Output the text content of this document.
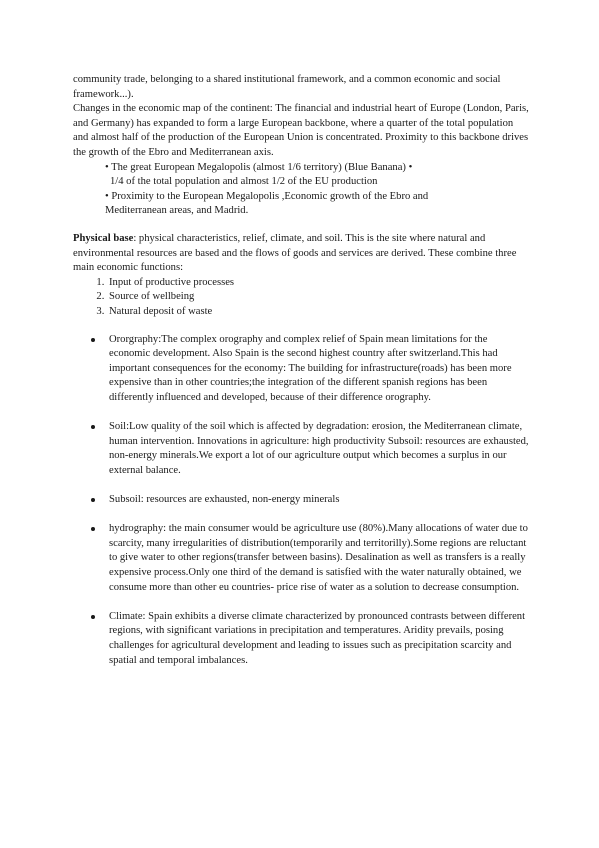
community trade, belonging to a shared institutional framework, and a common economic and social framework...).

Changes in the economic map of the continent: The financial and industrial heart of Europe (London, Paris, and Germany) has expanded to form a large European backbone, where a quarter of the total population and almost half of the production of the European Union is concentrated. Proximity to this backbone drives the growth of the Ebro and Mediterranean axis.

• The great European Megalopolis (almost 1/6 territory) (Blue Banana) •
1/4 of the total population and almost 1/2 of the EU production
• Proximity to the European Megalopolis ,Economic growth of the Ebro and
Mediterranean areas, and Madrid.

Physical base: physical characteristics, relief, climate, and soil. This is the site where natural and environmental resources are based and the flows of goods and services are derived. These combine three main economic functions:

1. Input of productive processes
2. Source of wellbeing
3. Natural deposit of waste
Ororgraphy:The complex orography and complex relief of Spain mean limitations for the economic development. Also Spain is the second highest country after switzerland.This had important consequences for the economy: The building for infrastructure(roads) has been more expensive than in other countries;the integration of the different spanish regions has been differently influenced and developed, because of their difference orography.
Soil:Low quality of the soil which is affected by degradation: erosion, the Mediterranean climate, human intervention. Innovations in agriculture: high productivity Subsoil: resources are exhausted, non-energy minerals.We export a lot of our agriculture output which becomes a surplus in our external balance.
Subsoil: resources are exhausted, non-energy minerals
hydrography: the main consumer would be agriculture use (80%).Many allocations of water due to scarcity, many irregularities of distribution(temporarily and territorilly).Some regions are reluctant to give water to other regions(transfer between basins). Desalination as well as transfers is a really expensive process.Only one third of the demand is satisfied with the water naturally obtained, we consume more than other eu countries- price rise of water as a solution to decrease consumption.
Climate: Spain exhibits a diverse climate characterized by pronounced contrasts between different regions, with significant variations in precipitation and temperatures. Aridity prevails, posing challenges for agricultural development and leading to issues such as precipitation scarcity and spatial and temporal imbalances.
